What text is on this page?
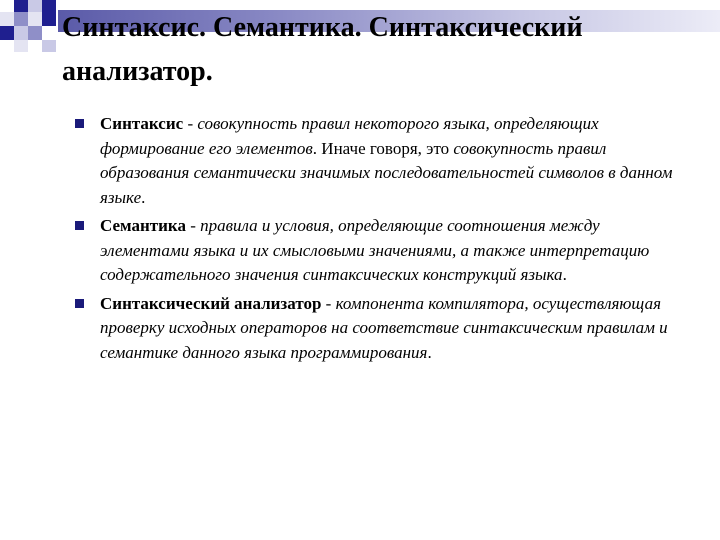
Синтаксис. Семантика. Синтаксический анализатор.
Синтаксис - совокупность правил некоторого языка, определяющих формирование его элементов. Иначе говоря, это совокупность правил образования семантически значимых последовательностей символов в данном языке.
Семантика - правила и условия, определяющие соотношения между элементами языка и их смысловыми значениями, а также интерпретацию содержательного значения синтаксических конструкций языка.
Синтаксический анализатор - компонента компилятора, осуществляющая проверку исходных операторов на соответствие синтаксическим правилам и семантике данного языка программирования.
